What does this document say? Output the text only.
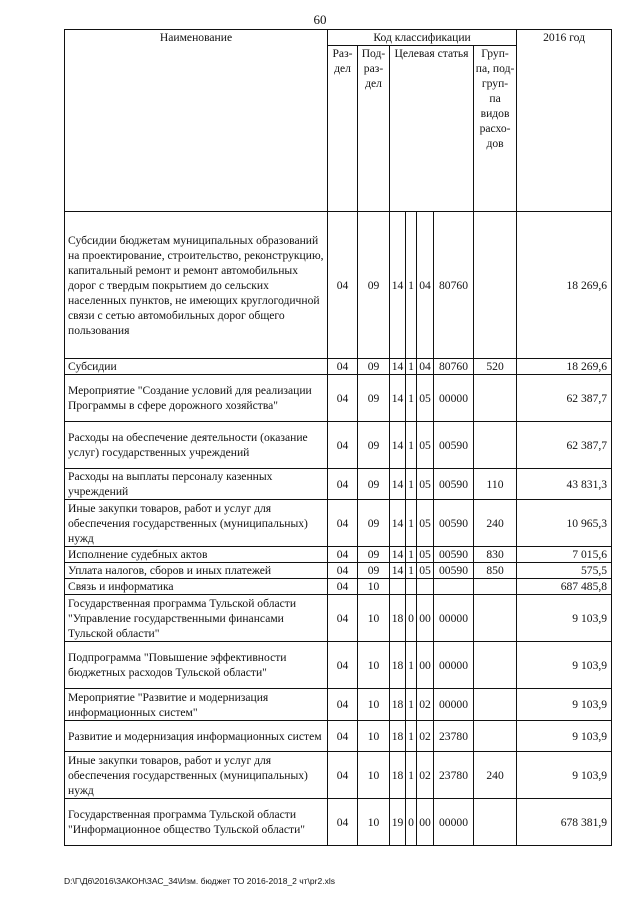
60
Наименование	Код классификации							2016 год
	Раз- дел	Под- раз- дел	Целевая статья				Груп- па, под- груп- па видов расхо- дов	
Субсидии бюджетам муниципальных образований на проектирование, строительство, реконструкцию, капитальный ремонт и ремонт автомобильных дорог с твердым покрытием до сельских населенных пунктов, не имеющих круглогодичной связи с сетью автомобильных дорог общего пользования	04	09	14	1	04	80760		18 269,6
Субсидии	04	09	14	1	04	80760	520	18 269,6
Мероприятие "Создание условий для реализации Программы в сфере дорожного хозяйства"	04	09	14	1	05	00000		62 387,7
Расходы на обеспечение деятельности (оказание услуг) государственных учреждений	04	09	14	1	05	00590		62 387,7
Расходы на выплаты персоналу казенных учреждений	04	09	14	1	05	00590	110	43 831,3
Иные закупки товаров, работ и услуг для обеспечения государственных (муниципальных) нужд	04	09	14	1	05	00590	240	10 965,3
Исполнение судебных актов	04	09	14	1	05	00590	830	7 015,6
Уплата налогов, сборов и иных платежей	04	09	14	1	05	00590	850	575,5
Связь и информатика	04	10						687 485,8
Государственная программа Тульской области "Управление государственными финансами Тульской области"	04	10	18	0	00	00000		9 103,9
Подпрограмма "Повышение эффективности бюджетных расходов Тульской области"	04	10	18	1	00	00000		9 103,9
Мероприятие "Развитие и модернизация информационных систем"	04	10	18	1	02	00000		9 103,9
Развитие и модернизация информационных систем	04	10	18	1	02	23780		9 103,9
Иные закупки товаров, работ и услуг для обеспечения государственных (муниципальных) нужд	04	10	18	1	02	23780	240	9 103,9
Государственная программа Тульской области "Информационное общество Тульской области"	04	10	19	0	00	00000		678 381,9
D:\Г\Д6\2016\ЗАКОН\ЗАС_34\Изм. бюджет ТО 2016-2018_2 чт\pr2.xls
